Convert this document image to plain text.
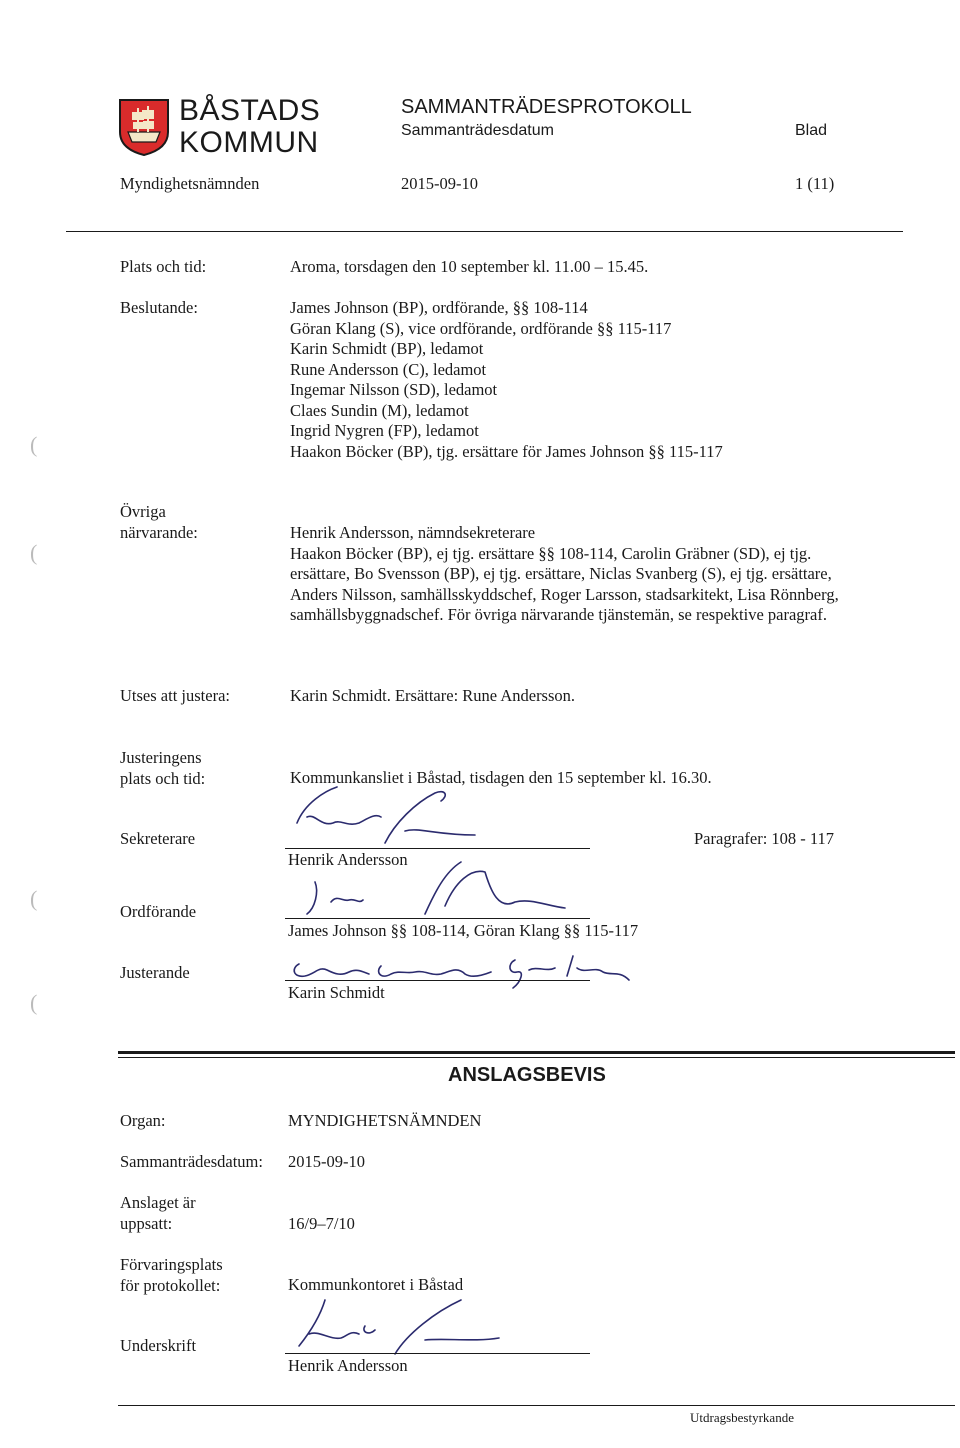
BÅSTADS
KOMMUN
SAMMANTRÄDESPROTOKOLL
Sammanträdesdatum	Blad
Myndighetsnämnden	2015-09-10	1 (11)
(
(
(
(
Plats och tid:	Aroma, torsdagen den 10 september kl. 11.00 – 15.45.
Beslutande:	James Johnson (BP), ordförande, §§ 108-114
Göran Klang (S), vice ordförande, ordförande §§ 115-117
Karin Schmidt (BP), ledamot
Rune Andersson (C), ledamot
Ingemar Nilsson (SD), ledamot
Claes Sundin (M), ledamot
Ingrid Nygren (FP), ledamot
Haakon Böcker (BP), tjg. ersättare för James Johnson §§ 115-117
Övriga
närvarande:	Henrik Andersson, nämndsekreterare
Haakon Böcker (BP), ej tjg. ersättare §§ 108-114, Carolin Gräbner (SD), ej tjg.
ersättare, Bo Svensson (BP), ej tjg. ersättare, Niclas Svanberg (S), ej tjg. ersättare,
Anders Nilsson, samhällsskyddschef, Roger Larsson, stadsarkitekt, Lisa Rönnberg,
samhällsbyggnadschef. För övriga närvarande tjänstemän, se respektive paragraf.
Utses att justera:	Karin Schmidt. Ersättare: Rune Andersson.
Justeringens
plats och tid:	Kommunkansliet i Båstad, tisdagen den 15 september kl. 16.30.
Sekreterare
Henrik Andersson
Paragrafer: 108 - 117
Ordförande
James Johnson §§ 108-114, Göran Klang §§ 115-117
Justerande
Karin Schmidt
ANSLAGSBEVIS
Organ:	MYNDIGHETSNÄMNDEN
Sammanträdesdatum: 2015-09-10
Anslaget är
uppsatt:	16/9–7/10
Förvaringsplats
för protokollet:	Kommunkontoret i Båstad
Underskrift
Henrik Andersson
Utdragsbestyrkande
